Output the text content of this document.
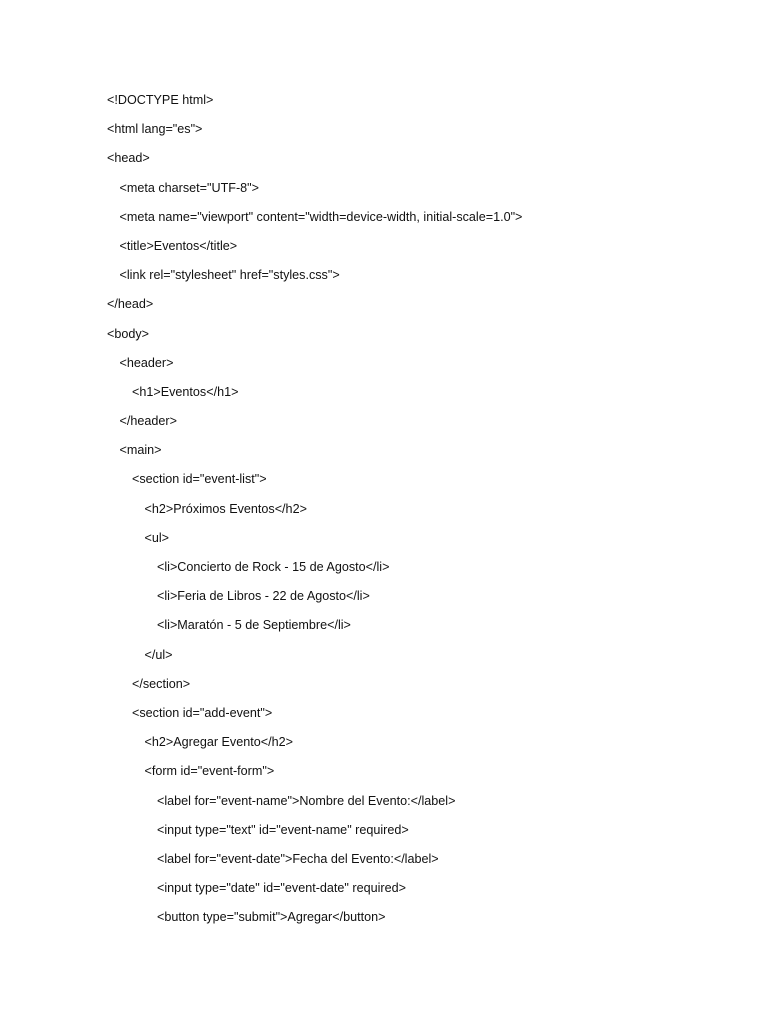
<!DOCTYPE html>
<html lang="es">
<head>
<meta charset="UTF-8">
<meta name="viewport" content="width=device-width, initial-scale=1.0">
<title>Eventos</title>
<link rel="stylesheet" href="styles.css">
</head>
<body>
<header>
<h1>Eventos</h1>
</header>
<main>
<section id="event-list">
<h2>Próximos Eventos</h2>
<ul>
<li>Concierto de Rock - 15 de Agosto</li>
<li>Feria de Libros - 22 de Agosto</li>
<li>Maratón - 5 de Septiembre</li>
</ul>
</section>
<section id="add-event">
<h2>Agregar Evento</h2>
<form id="event-form">
<label for="event-name">Nombre del Evento:</label>
<input type="text" id="event-name" required>
<label for="event-date">Fecha del Evento:</label>
<input type="date" id="event-date" required>
<button type="submit">Agregar</button>
